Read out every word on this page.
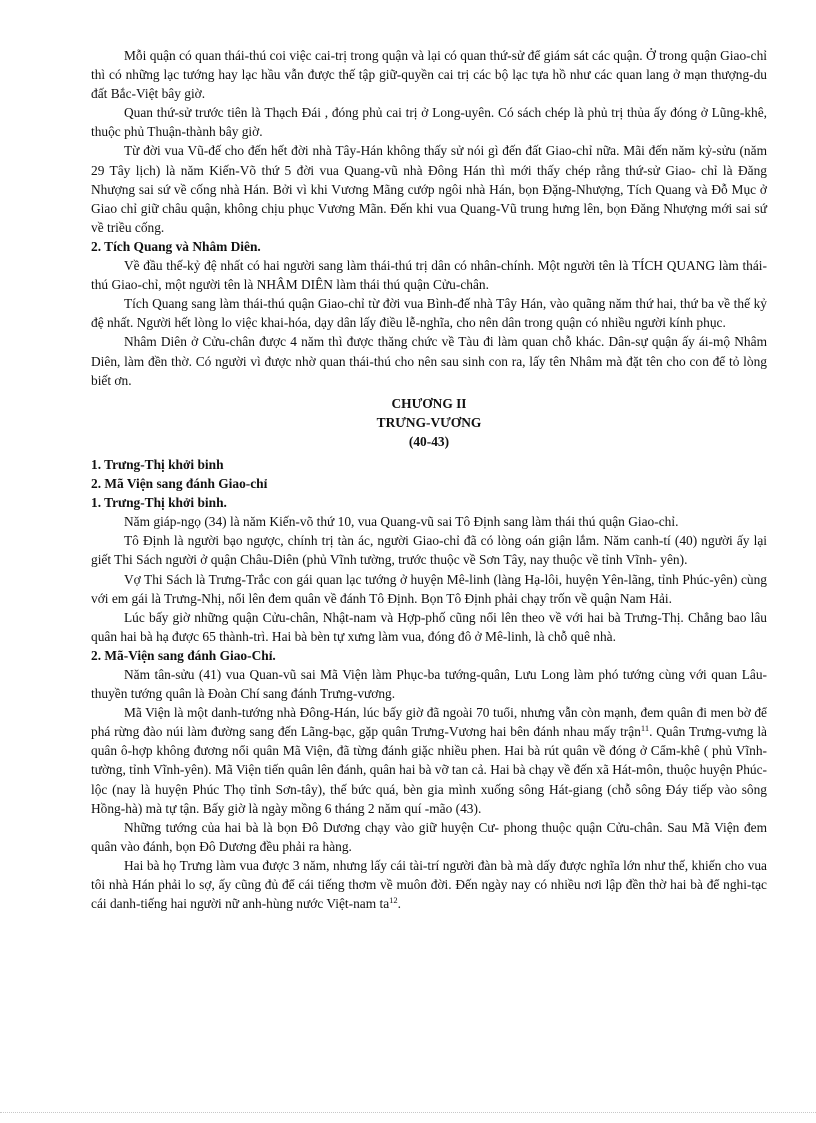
Mỗi quận có quan thái-thú coi việc cai-trị trong quận và lại có quan thứ-sử để giám sát các quận. Ở trong quận Giao-chỉ thì có những lạc tướng hay lạc hầu vẫn được thế tập giữ-quyền cai trị các bộ lạc tựa hồ như các quan lang ở mạn thượng-du đất Bắc-Việt bây giờ.

Quan thứ-sử trước tiên là Thạch Đái , đóng phủ cai trị ở Long-uyên. Có sách chép là phủ trị thủa ấy đóng ở Lũng-khê, thuộc phủ Thuận-thành bây giờ.

Từ đời vua Vũ-đế cho đến hết đời nhà Tây-Hán không thấy sử nói gì đến đất Giao-chỉ nữa. Mãi đến năm kỷ-sửu (năm 29 Tây lịch) là năm Kiến-Võ thứ 5 đời vua Quang-vũ nhà Đông Hán thì mới thấy chép rằng thứ-sử Giao- chỉ là Đăng Nhượng sai sứ về cống nhà Hán. Bởi vì khi Vương Mãng cướp ngôi nhà Hán, bọn Đặng-Nhượng, Tích Quang và Đỗ Mục ở Giao chỉ giữ châu quận, không chịu phục Vương Mãn. Đến khi vua Quang-Vũ trung hưng lên, bọn Đăng Nhượng mới sai sứ về triều cống.

2. Tích Quang và Nhâm Diên.

Về đầu thế-kỷ đệ nhất có hai người sang làm thái-thú trị dân có nhân-chính. Một người tên là TÍCH QUANG làm thái-thú Giao-chỉ, một người tên là NHÂM DIÊN làm thái thú quận Cửu-chân.

Tích Quang sang làm thái-thú quận Giao-chỉ từ đời vua Bình-đế nhà Tây Hán, vào quãng năm thứ hai, thứ ba về thế kỷ đệ nhất. Người hết lòng lo việc khai-hóa, dạy dân lấy điều lễ-nghĩa, cho nên dân trong quận có nhiều người kính phục.

Nhâm Diên ở Cửu-chân được 4 năm thì được thăng chức về Tàu đi làm quan chỗ khác. Dân-sự quận ấy ái-mộ Nhâm Diên, làm đền thờ. Có người vì được nhờ quan thái-thú cho nên sau sinh con ra, lấy tên Nhâm mà đặt tên cho con để tỏ lòng biết ơn.

CHƯƠNG II
TRƯNG-VƯƠNG
(40-43)
1. Trưng-Thị khởi binh
2. Mã Viện sang đánh Giao-chỉ
1. Trưng-Thị khởi binh.

Năm giáp-ngọ (34) là năm Kiến-võ thứ 10, vua Quang-vũ sai Tô Định sang làm thái thú quận Giao-chỉ.

Tô Định là người bạo ngược, chính trị tàn ác, người Giao-chỉ đã có lòng oán giận lắm. Năm canh-tí (40) người ấy lại giết Thi Sách người ở quận Châu-Diên (phủ Vĩnh tường, trước thuộc về Sơn Tây, nay thuộc về tỉnh Vĩnh- yên).

Vợ Thi Sách là Trưng-Trắc con gái quan lạc tướng ở huyện Mê-linh (làng Hạ-lôi, huyện Yên-lãng, tỉnh Phúc-yên) cùng với em gái là Trưng-Nhị, nổi lên đem quân về đánh Tô Định. Bọn Tô Định phải chạy trốn về quận Nam Hải.

Lúc bấy giờ những quận Cửu-chân, Nhật-nam và Hợp-phố cũng nổi lên theo về với hai bà Trưng-Thị. Chẳng bao lâu quân hai bà hạ được 65 thành-trì. Hai bà bèn tự xưng làm vua, đóng đô ở Mê-linh, là chỗ quê nhà.

2. Mã-Viện sang đánh Giao-Chỉ.

Năm tân-sửu (41) vua Quan-vũ sai Mã Viện làm Phục-ba tướng-quân, Lưu Long làm phó tướng cùng với quan Lâu-thuyền tướng quân là Đoàn Chí sang đánh Trưng-vương.

Mã Viện là một danh-tướng nhà Đông-Hán, lúc bấy giờ đã ngoài 70 tuổi, nhưng vẫn còn mạnh, đem quân đi men bờ để phá rừng đào núi làm đường sang đến Lãng-bạc, gặp quân Trưng-Vương hai bên đánh nhau mấy trận$^{11}$. Quân Trưng-vưng là quân ô-hợp không đương nổi quân Mã Viện, đã từng đánh giặc nhiều phen. Hai bà rút quân về đóng ở Cẩm-khê ( phủ Vĩnh- tường, tỉnh Vĩnh-yên). Mã Viện tiến quân lên đánh, quân hai bà vỡ tan cả. Hai bà chạy về đến xã Hát-môn, thuộc huyện Phúc-lộc (nay là huyện Phúc Thọ tỉnh Sơn-tây), thế bức quá, bèn gia mình xuống sông Hát-giang (chỗ sông Đáy tiếp vào sông Hồng-hà) mà tự tận. Bấy giờ là ngày mồng 6 tháng 2 năm quí -mão (43).

Những tướng của hai bà là bọn Đô Dương chạy vào giữ huyện Cư- phong thuộc quận Cửu-chân. Sau Mã Viện đem quân vào đánh, bọn Đô Dương đều phải ra hàng.

Hai bà họ Trưng làm vua được 3 năm, nhưng lấy cái tài-trí người đàn bà mà dấy được nghĩa lớn như thế, khiến cho vua tôi nhà Hán phải lo sợ, ấy cũng đủ để cái tiếng thơm về muôn đời. Đến ngày nay có nhiều nơi lập đền thờ hai bà để nghi-tạc cái danh-tiếng hai người nữ anh-hùng nước Việt-nam $ta^{12}$.
